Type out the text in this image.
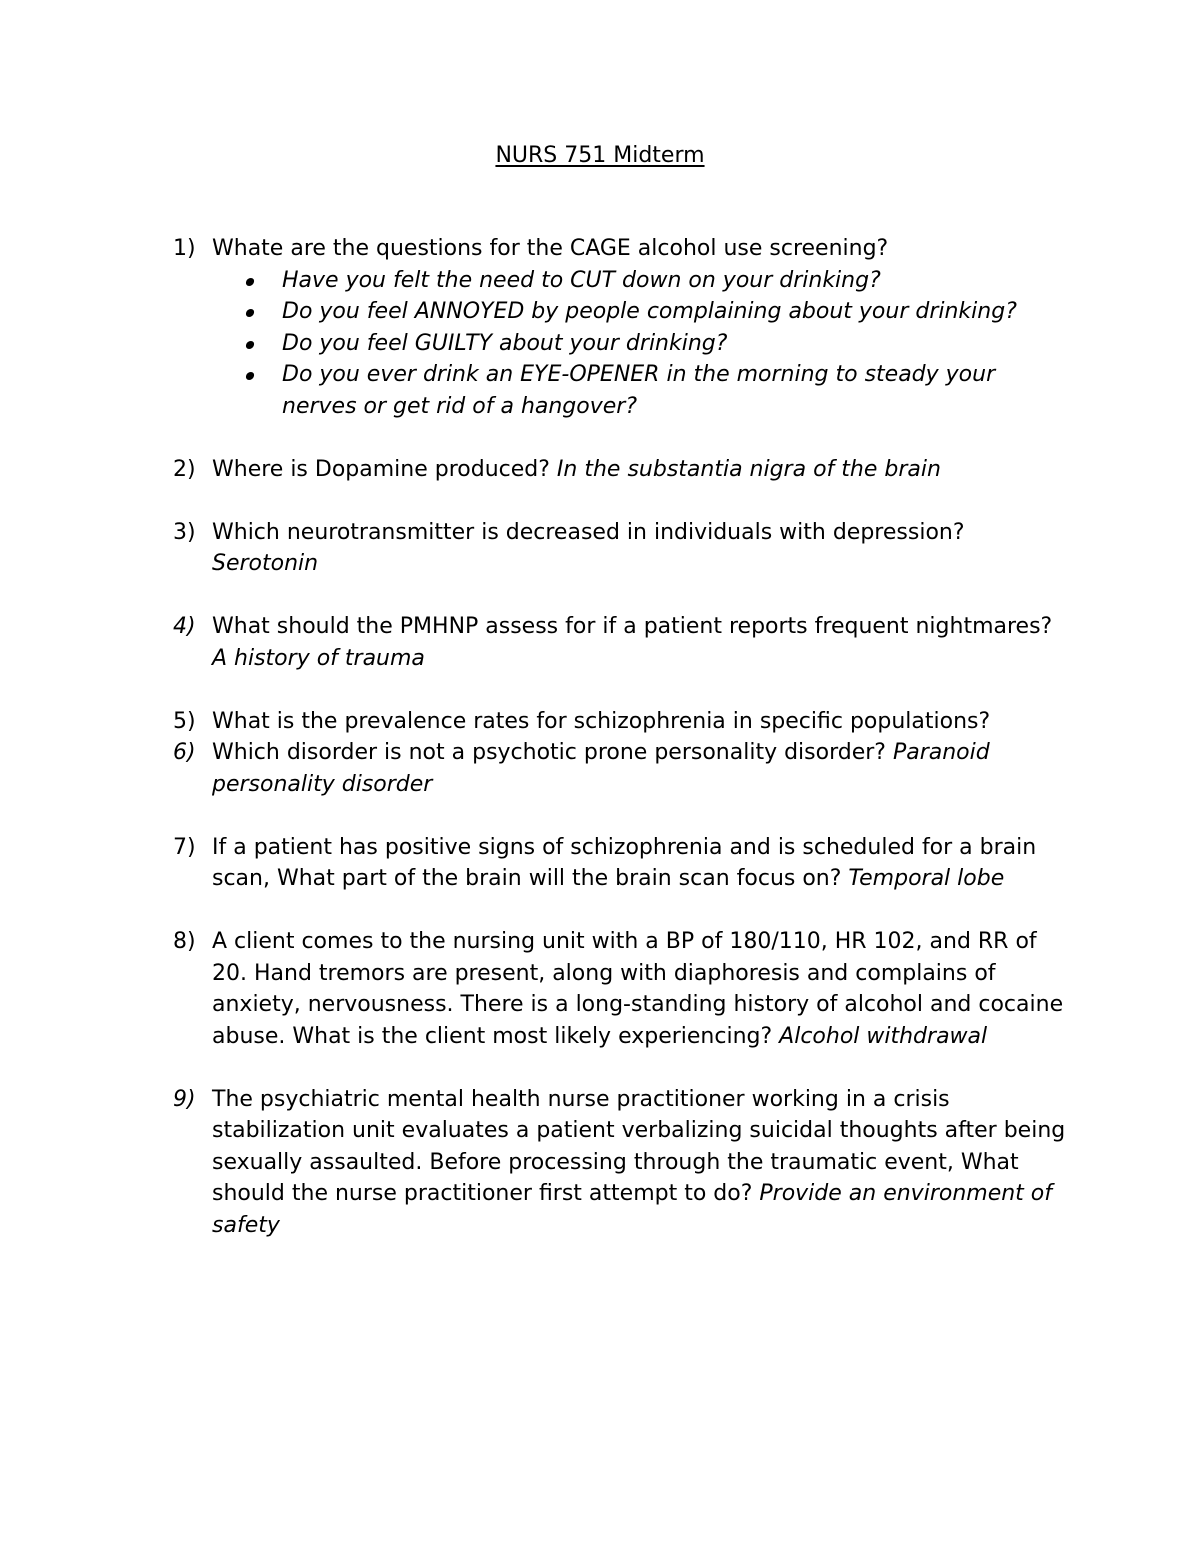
NURS 751 Midterm
1) Whate are the questions for the CAGE alcohol use screening?
Have you felt the need to CUT down on your drinking?
Do you feel ANNOYED by people complaining about your drinking?
Do you feel GUILTY about your drinking?
Do you ever drink an EYE-OPENER in the morning to steady your nerves or get rid of a hangover?
2) Where is Dopamine produced? In the substantia nigra of the brain
3) Which neurotransmitter is decreased in individuals with depression? Serotonin
4) What should the PMHNP assess for if a patient reports frequent nightmares? A history of trauma
5) What is the prevalence rates for schizophrenia in specific populations?
6) Which disorder is not a psychotic prone personality disorder? Paranoid personality disorder
7) If a patient has positive signs of schizophrenia and is scheduled for a brain scan, What part of the brain will the brain scan focus on? Temporal lobe
8) A client comes to the nursing unit with a BP of 180/110, HR 102, and RR of 20. Hand tremors are present, along with diaphoresis and complains of anxiety, nervousness. There is a long-standing history of alcohol and cocaine abuse. What is the client most likely experiencing? Alcohol withdrawal
9) The psychiatric mental health nurse practitioner working in a crisis stabilization unit evaluates a patient verbalizing suicidal thoughts after being sexually assaulted. Before processing through the traumatic event, What should the nurse practitioner first attempt to do? Provide an environment of safety
